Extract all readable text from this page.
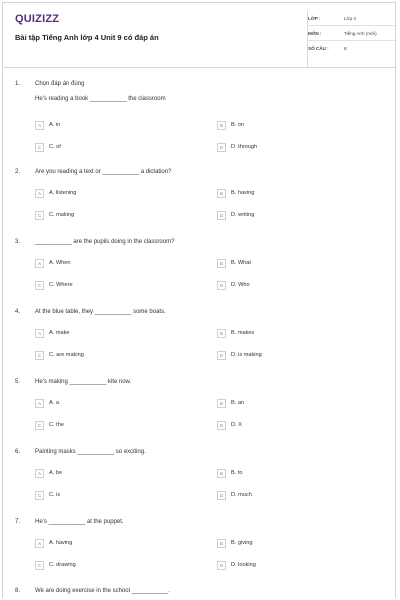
QUIZIZZ
Bài tập Tiếng Anh lớp 4 Unit 9 có đáp án
LỚP :	Lớp 4
MÔN :	Tiếng Anh (mới)
SỐ CÂU :	8
1. Chọn đáp án đúng
He's reading a book ___________ the classroom
A	A. in	B	B. on
C	C. of	D	D. through
2. Are you reading a text or ___________ a dictation?
A	A. listening	B	B. having
C	C. making	D	D. writing
3. ___________ are the pupils doing in the classroom?
A	A. When	B	B. What
C	C. Where	D	D. Who
4. At the blue table, they ___________ some boats.
A	A. make	B	B. makes
C	C. are making	D	D. is making
5. He's making ___________ kite now.
A	A. a	B	B. an
C	C. the	D	D. X
6. Painting masks ___________ so exciting.
A	A. be	B	B. to
C	C. is	D	D. much
7. He's ___________ at the puppet.
A	A. having	B	B. giving
C	C. drawing	D	D. looking
8. We are doing exercise in the school ___________.
